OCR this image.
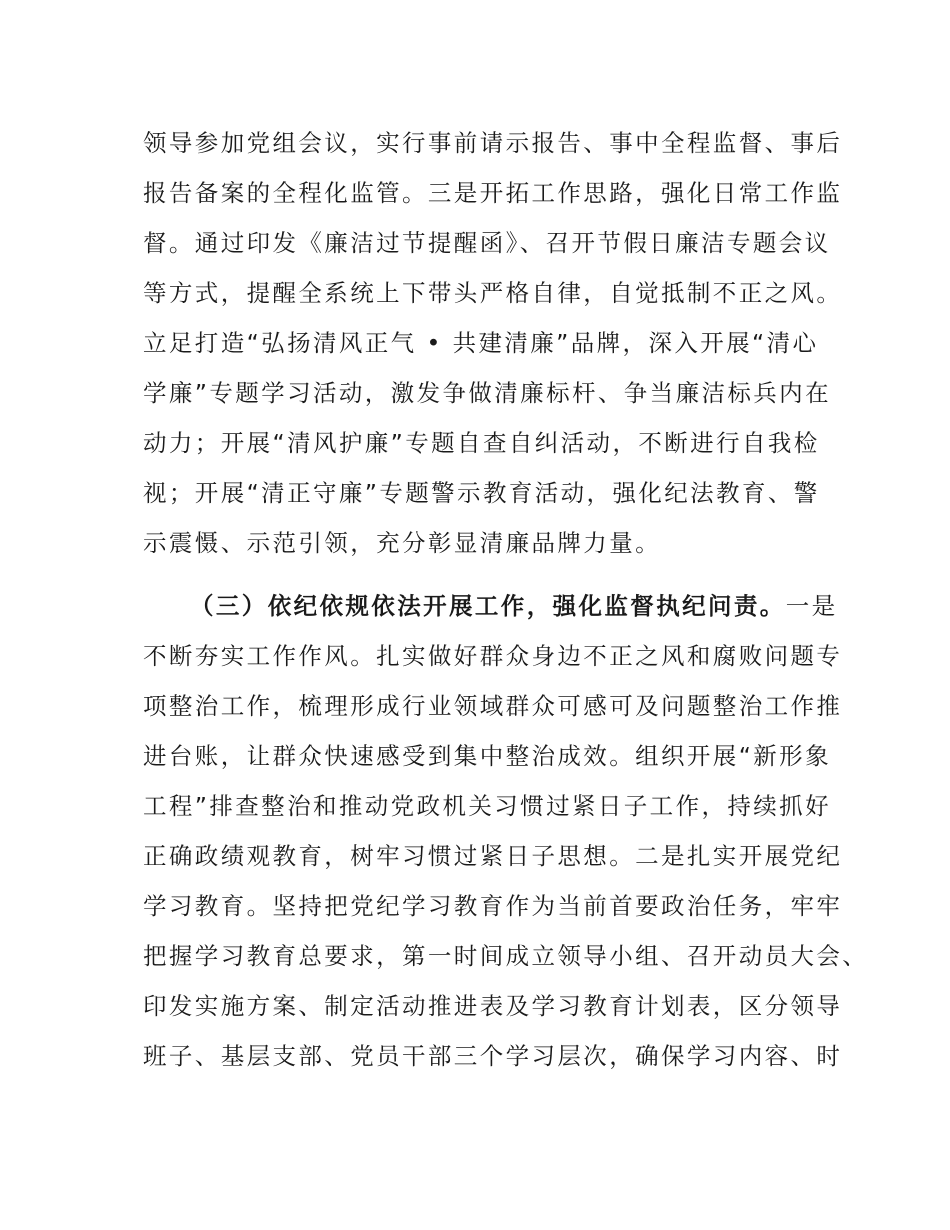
领导参加党组会议，实行事前请示报告、事中全程监督、事后
报告备案的全程化监管。三是开拓工作思路，强化日常工作监
督。通过印发《廉洁过节提醒函》、召开节假日廉洁专题会议
等方式，提醒全系统上下带头严格自律，自觉抵制不正之风。
立足打造“弘扬清风正气 • 共建清廉”品牌，深入开展“清心
学廉”专题学习活动，激发争做清廉标杆、争当廉洁标兵内在
动力；开展“清风护廉”专题自查自纠活动，不断进行自我检
视；开展“清正守廉”专题警示教育活动，强化纪法教育、警
示震慑、示范引领，充分彰显清廉品牌力量。
（三）依纪依规依法开展工作，强化监督执纪问责。一是
不断夯实工作作风。扎实做好群众身边不正之风和腐败问题专
项整治工作，梳理形成行业领域群众可感可及问题整治工作推
进台账，让群众快速感受到集中整治成效。组织开展“新形象
工程”排查整治和推动党政机关习惯过紧日子工作，持续抓好
正确政绩观教育，树牢习惯过紧日子思想。二是扎实开展党纪
学习教育。坚持把党纪学习教育作为当前首要政治任务，牢牢
把握学习教育总要求，第一时间成立领导小组、召开动员大会、
印发实施方案、制定活动推进表及学习教育计划表，区分领导
班子、基层支部、党员干部三个学习层次，确保学习内容、时
